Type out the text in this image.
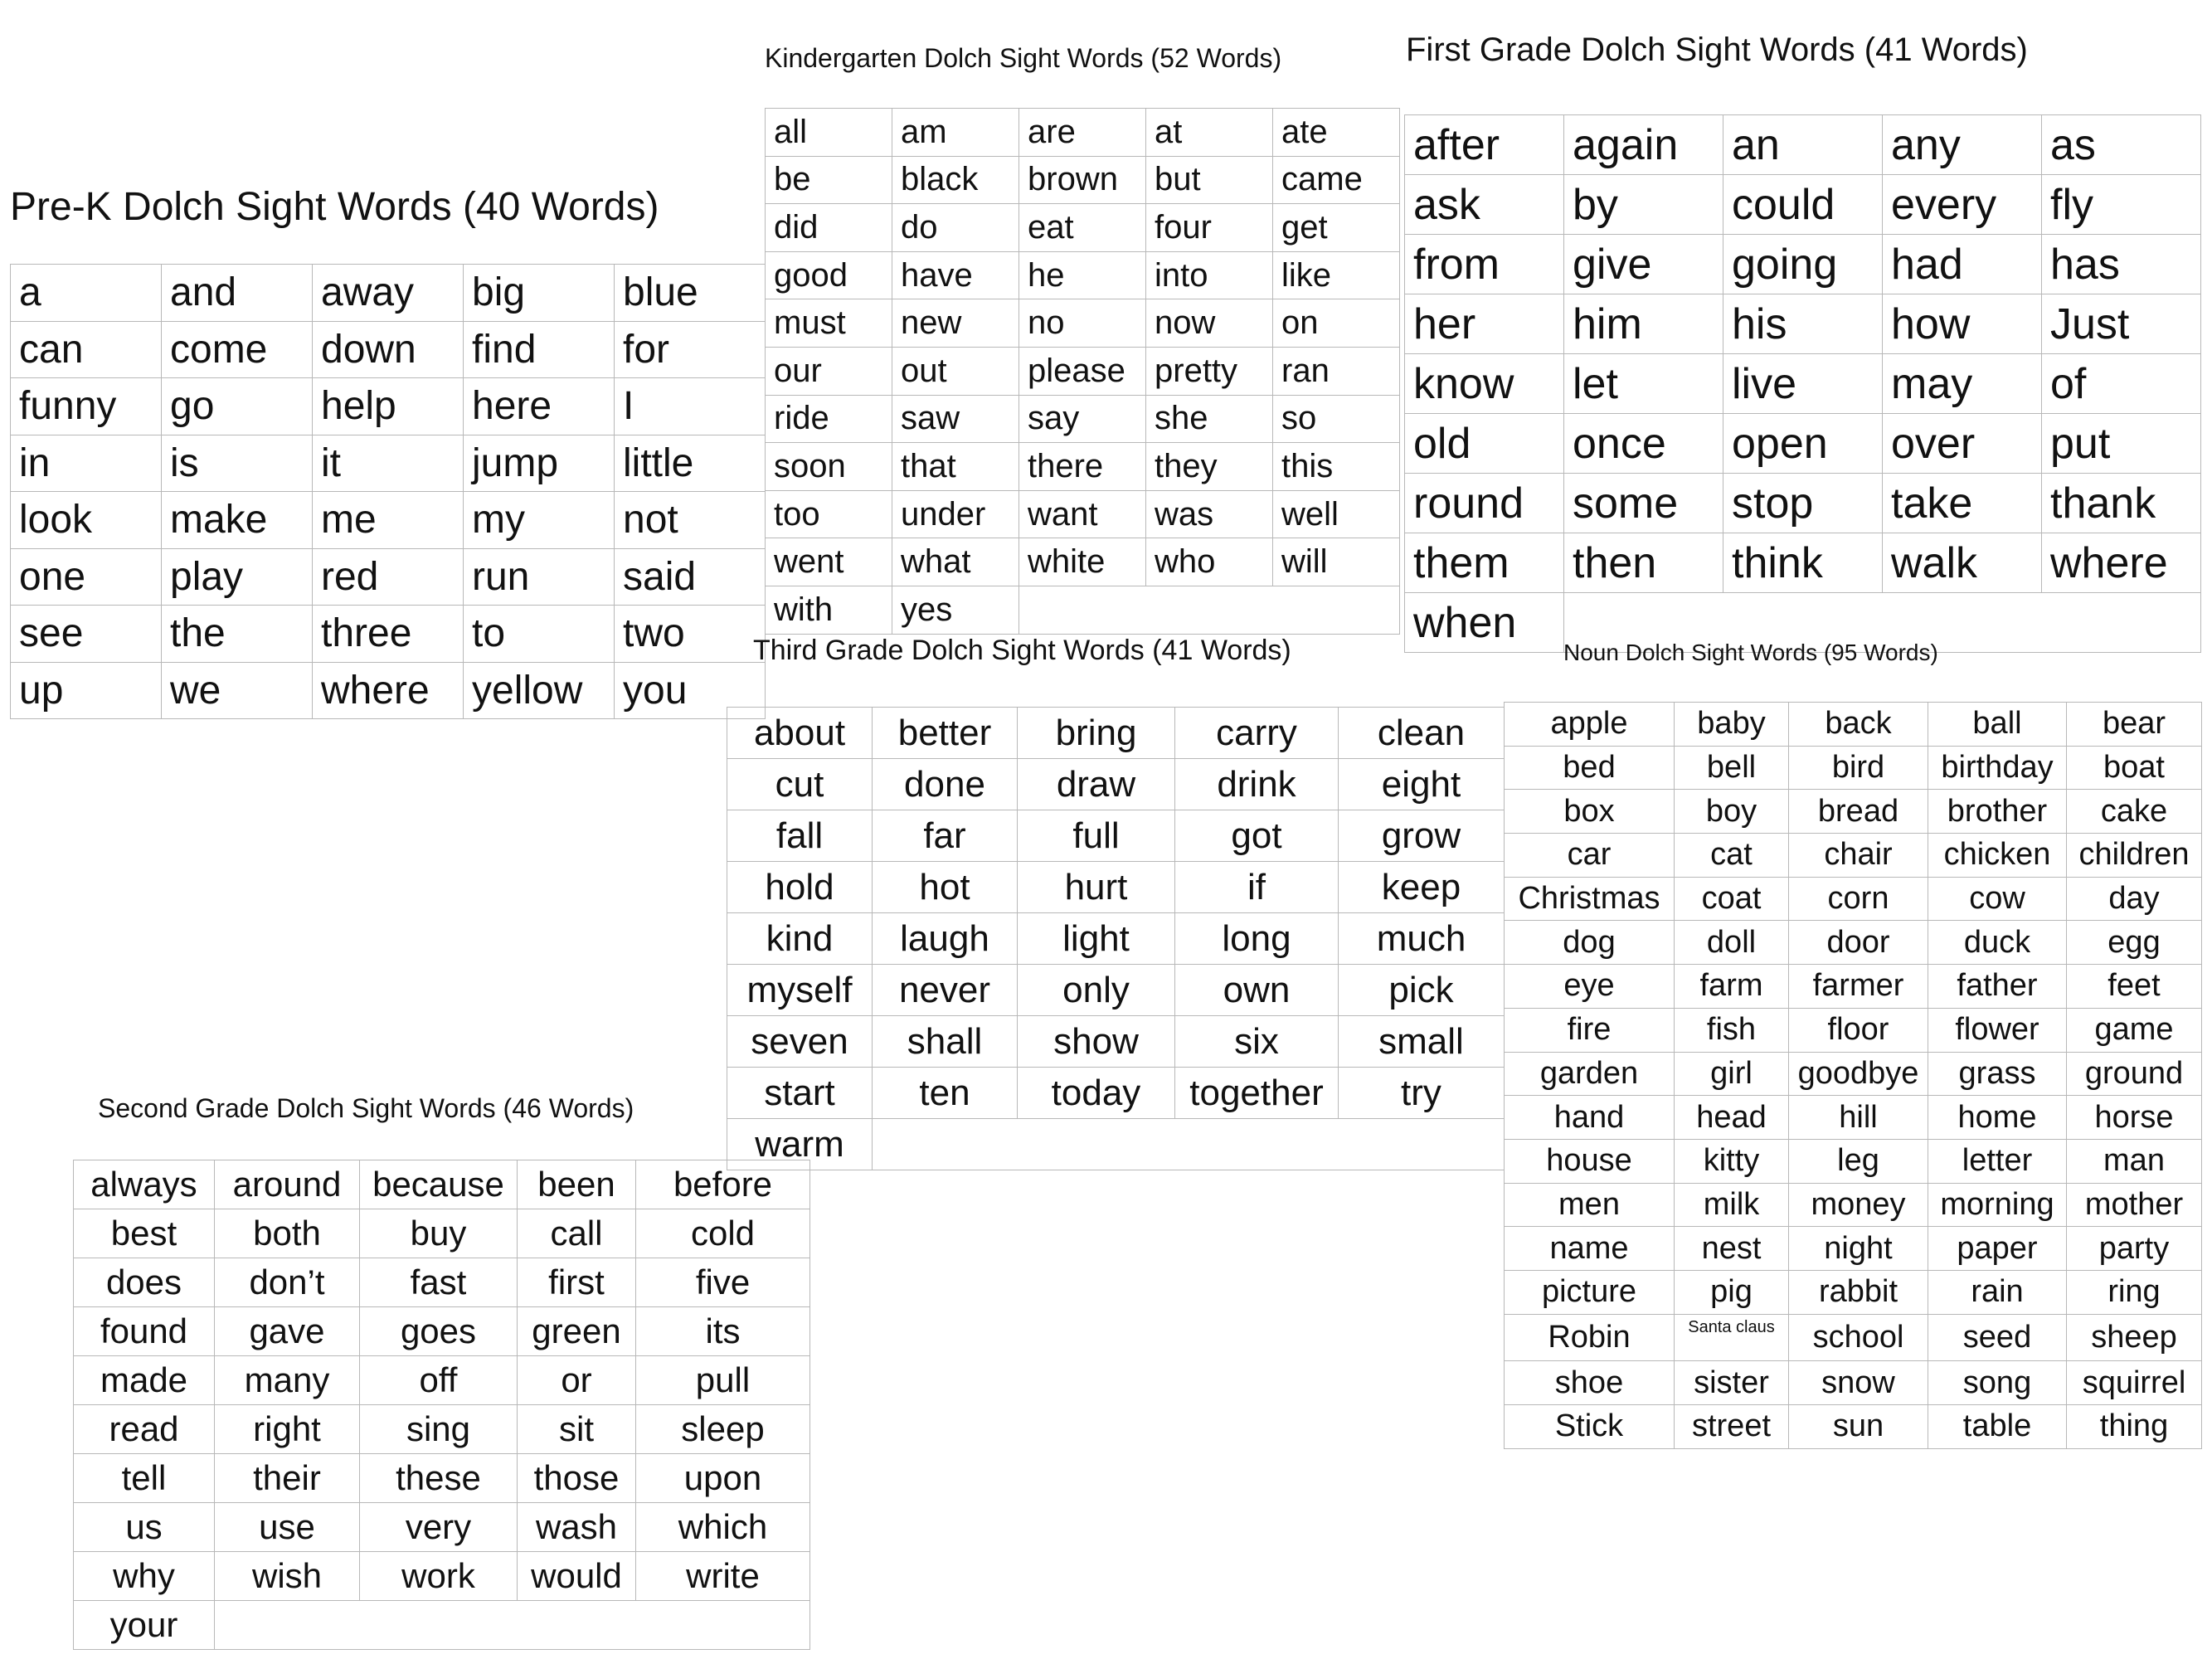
Pre-K Dolch Sight Words (40 Words)
a	and	away	big	blue
can	come	down	find	for
funny	go	help	here	I
in	is	it	jump	little
look	make	me	my	not
one	play	red	run	said
see	the	three	to	two
up	we	where	yellow	you
Kindergarten Dolch Sight Words (52 Words)
all	am	are	at	ate
be	black	brown	but	came
did	do	eat	four	get
good	have	he	into	like
must	new	no	now	on
our	out	please	pretty	ran
ride	saw	say	she	so
soon	that	there	they	this
too	under	want	was	well
went	what	white	who	will
with	yes			
First Grade Dolch Sight Words (41 Words)
after	again	an	any	as
ask	by	could	every	fly
from	give	going	had	has
her	him	his	how	Just
know	let	live	may	of
old	once	open	over	put
round	some	stop	take	thank
them	then	think	walk	where
when				
Third Grade Dolch Sight Words (41 Words)
about	better	bring	carry	clean
cut	done	draw	drink	eight
fall	far	full	got	grow
hold	hot	hurt	if	keep
kind	laugh	light	long	much
myself	never	only	own	pick
seven	shall	show	six	small
start	ten	today	together	try
warm				
Noun Dolch Sight Words (95 Words)
apple	baby	back	ball	bear
bed	bell	bird	birthday	boat
box	boy	bread	brother	cake
car	cat	chair	chicken	children
Christmas	coat	corn	cow	day
dog	doll	door	duck	egg
eye	farm	farmer	father	feet
fire	fish	floor	flower	game
garden	girl	goodbye	grass	ground
hand	head	hill	home	horse
house	kitty	leg	letter	man
men	milk	money	morning	mother
name	nest	night	paper	party
picture	pig	rabbit	rain	ring
Robin	Santa claus	school	seed	sheep
shoe	sister	snow	song	squirrel
Stick	street	sun	table	thing
Second Grade Dolch Sight Words (46 Words)
always	around	because	been	before
best	both	buy	call	cold
does	don’t	fast	first	five
found	gave	goes	green	its
made	many	off	or	pull
read	right	sing	sit	sleep
tell	their	these	those	upon
us	use	very	wash	which
why	wish	work	would	write
your				
